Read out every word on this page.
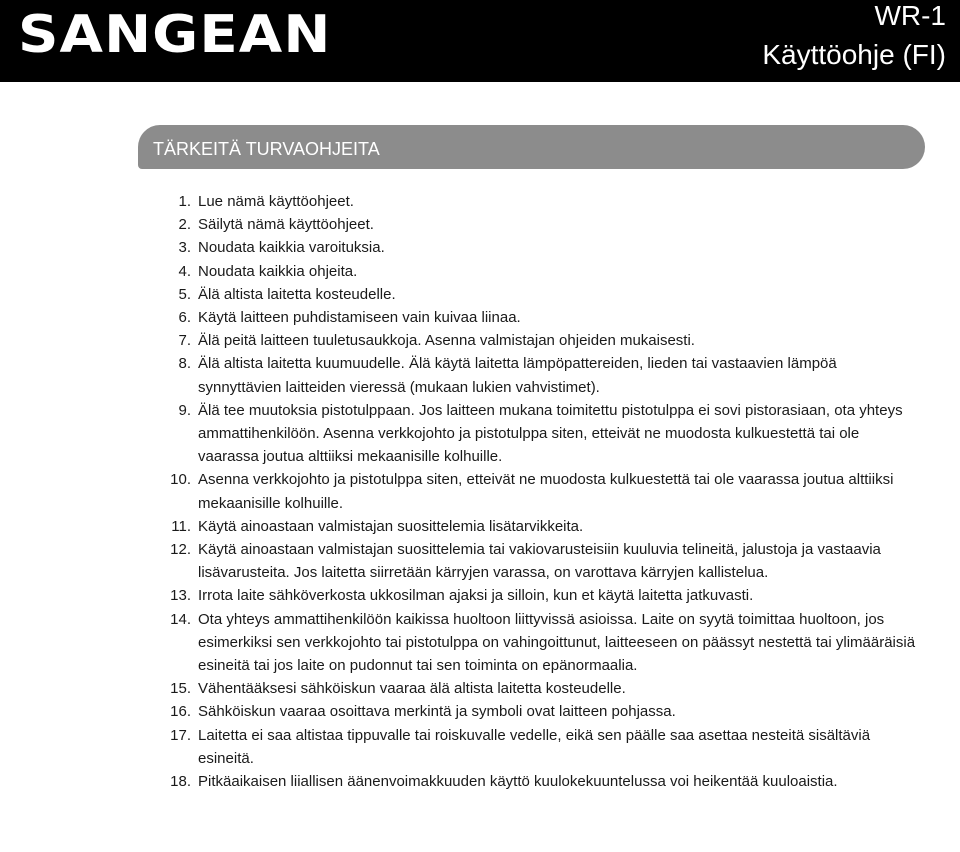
SANGEAN	WR-1
Käyttöohje (FI)
TÄRKEITÄ TURVAOHJEITA
1 . Lue nämä käyttöohjeet.
2 . Säilytä nämä käyttöohjeet.
3 . Noudata kaikkia varoituksia.
4 . Noudata kaikkia ohjeita.
5 . Älä altista laitetta kosteudelle.
6 . Käytä laitteen puhdistamiseen vain kuivaa liinaa.
7 . Älä peitä laitteen tuuletusaukkoja. Asenna valmistajan ohjeiden mukaisesti.
8 . Älä altista laitetta kuumuudelle. Älä käytä laitetta lämpöpattereiden, lieden tai vastaavien lämpöä synnyttävien laitteiden vieressä (mukaan lukien vahvistimet).
9 . Älä tee muutoksia pistotulppaan. Jos laitteen mukana toimitettu pistotulppa ei sovi pistorasiaan, ota yhteys ammattihenkilöön. Asenna verkkojohto ja pistotulppa siten, etteivät ne muodosta kulkuestettä tai ole vaarassa joutua alttiiksi mekaanisille kolhuille.
10 . Asenna verkkojohto ja pistotulppa siten, etteivät ne muodosta kulkuestettä tai ole vaarassa joutua alttiiksi mekaanisille kolhuille.
11 . Käytä ainoastaan valmistajan suosittelemia lisätarvikkeita.
12 . Käytä ainoastaan valmistajan suosittelemia tai vakiovarusteisiin kuuluvia telineitä, jalustoja ja vastaavia lisävarusteita. Jos laitetta siirretään kärryjen varassa, on varottava kärryjen kallistelua.
13 . Irrota laite sähköverkosta ukkosilman ajaksi ja silloin, kun et käytä laitetta jatkuvasti.
14 . Ota yhteys ammattihenkilöön kaikissa huoltoon liittyvissä asioissa. Laite on syytä toimittaa huoltoon, jos esimerkiksi sen verkkojohto tai pistotulppa on vahingoittunut, laitteeseen on päässyt nestettä tai ylimääräisiä esineitä tai jos laite on pudonnut tai sen toiminta on epänormaalia.
15 . Vähentääksesi sähköiskun vaaraa älä altista laitetta kosteudelle.
16 . Sähköiskun vaaraa osoittava merkintä ja symboli ovat laitteen pohjassa.
17 . Laitetta ei saa altistaa tippuvalle tai roiskuvalle vedelle, eikä sen päälle saa asettaa nesteitä sisältäviä esineitä.
18 . Pitkäaikaisen liiallisen äänenvoimakkuuden käyttö kuulokekuuntelussa voi heikentää kuuloaistia.
